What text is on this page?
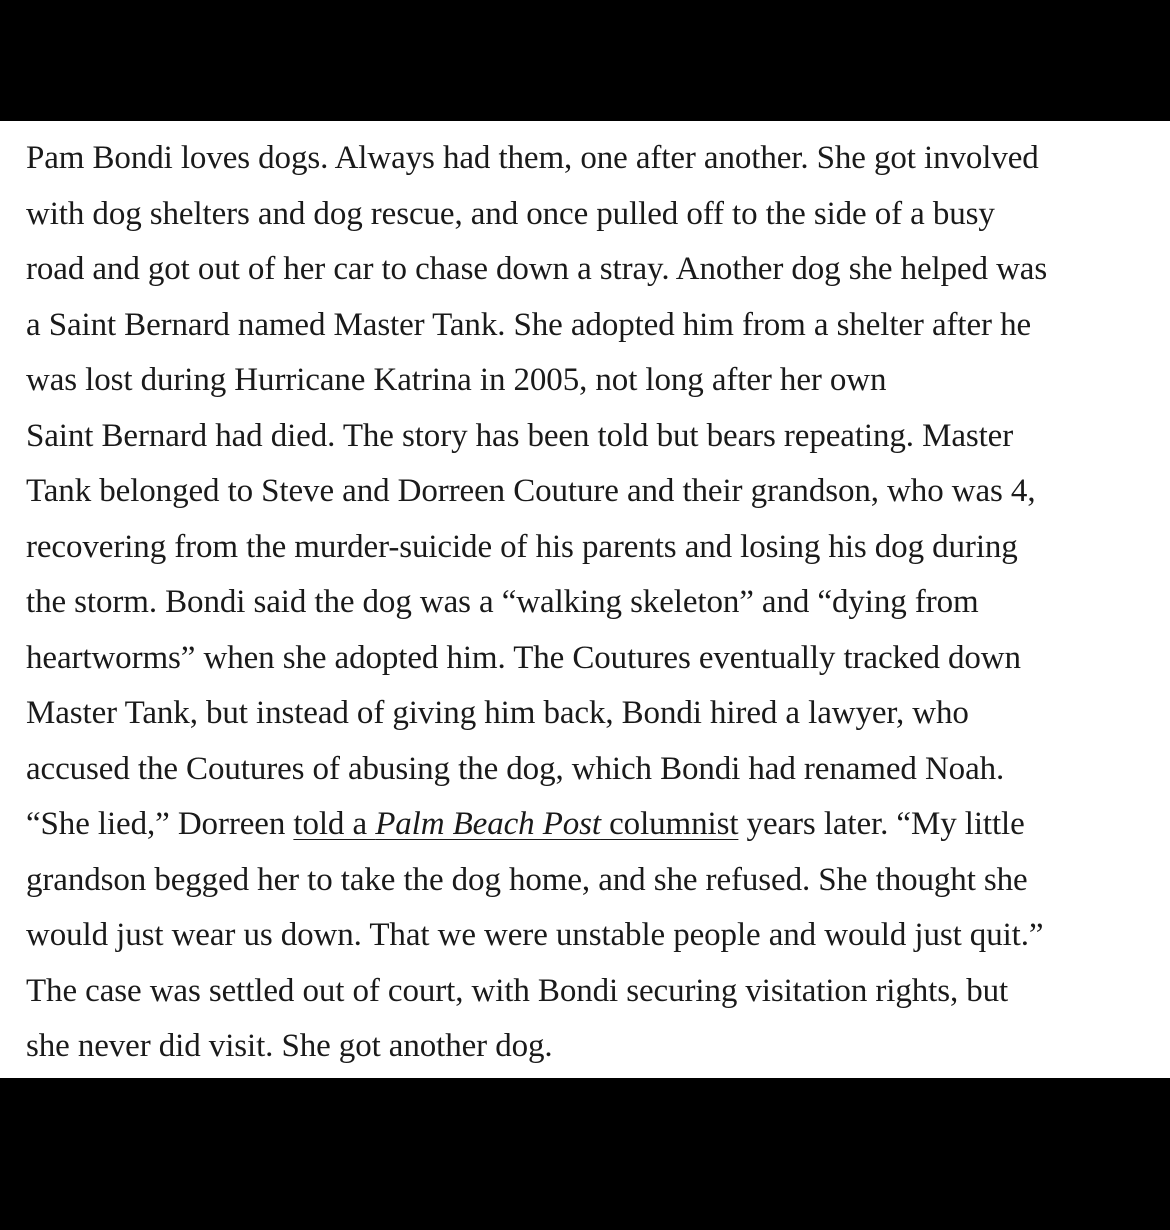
Pam Bondi loves dogs. Always had them, one after another. She got involved
with dog shelters and dog rescue, and once pulled off to the side of a busy
road and got out of her car to chase down a stray. Another dog she helped was
a Saint Bernard named Master Tank. She adopted him from a shelter after he
was lost during Hurricane Katrina in 2005, not long after her own
Saint Bernard had died. The story has been told but bears repeating. Master
Tank belonged to Steve and Dorreen Couture and their grandson, who was 4,
recovering from the murder-suicide of his parents and losing his dog during
the storm. Bondi said the dog was a “walking skeleton” and “dying from
heartworms” when she adopted him. The Coutures eventually tracked down
Master Tank, but instead of giving him back, Bondi hired a lawyer, who
accused the Coutures of abusing the dog, which Bondi had renamed Noah.
“She lied,” Dorreen told a Palm Beach Post columnist years later. “My little
grandson begged her to take the dog home, and she refused. She thought she
would just wear us down. That we were unstable people and would just quit.”
The case was settled out of court, with Bondi securing visitation rights, but
she never did visit. She got another dog.
